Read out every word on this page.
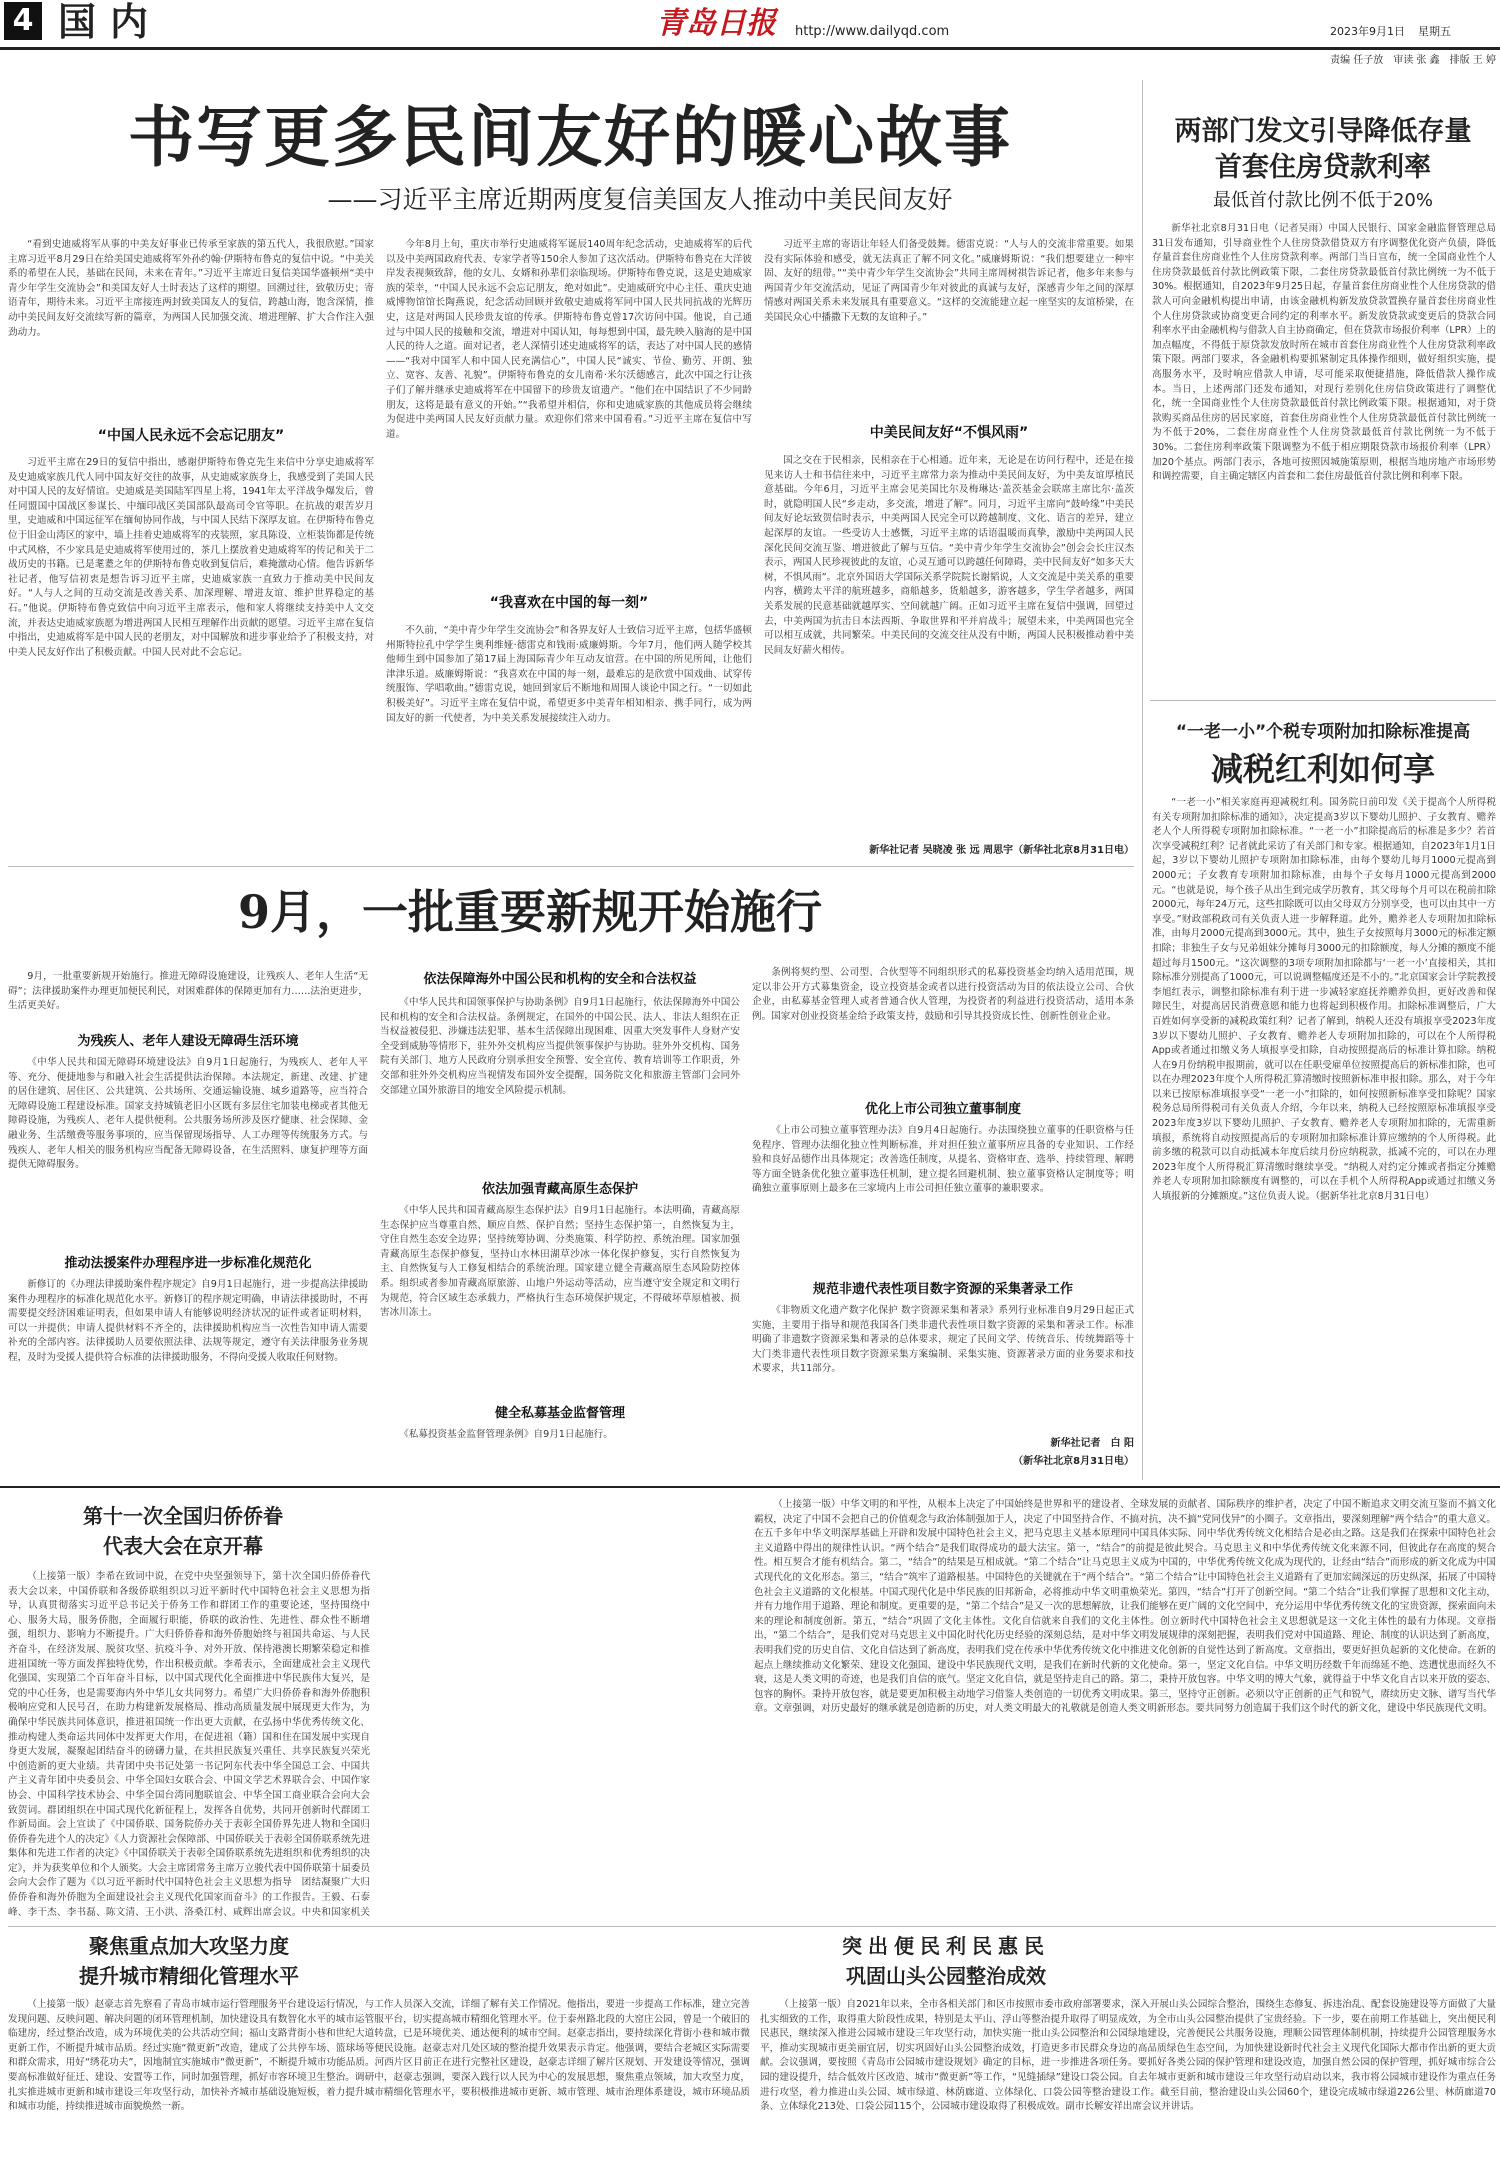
4 国内	青岛日报	http://www.dailyqd.com	2023年9月1日	星期五
责编 任子放　审读 张 鑫　排版 王 婷
书写更多民间友好的暖心故事
——习近平主席近期两度复信美国友人推动中美民间友好

“看到史迪威将军从事的中美友好事业已传承至家族的第五代人，我很欣慰。”国家主席习近平8月29日在给美国史迪威将军外孙约翰·伊斯特布鲁克的复信中说。“中美关系的希望在人民，基础在民间，未来在青年。”习近平主席近日复信美国华盛顿州“美中青少年学生交流协会”和美国友好人士时表达了这样的期望。回溯过往，致敬历史；寄语青年，期待未来。习近平主席接连两封致美国友人的复信，跨越山海，饱含深情，推动中美民间友好交流续写新的篇章，为两国人民加强交流、增进理解、扩大合作注入强劲动力。

“中国人民永远不会忘记朋友”

习近平主席在29日的复信中指出，感谢伊斯特布鲁克先生来信中分享史迪威将军及史迪威家族几代人同中国友好交往的故事，从史迪威家族身上，我感受到了美国人民对中国人民的友好情谊。史迪威是美国陆军四星上将，1941年太平洋战争爆发后，曾任同盟国中国战区参谋长、中缅印战区美国部队最高司令官等职。在抗战的艰苦岁月里，史迪威和中国远征军在缅甸协同作战，与中国人民结下深厚友谊。在伊斯特布鲁克位于旧金山湾区的家中，墙上挂着史迪威将军的戎装照，家具陈设、立柜装饰都是传统中式风格，不少家具是史迪威将军使用过的，茶几上摆放着史迪威将军的传记和关于二战历史的书籍。已是耄耋之年的伊斯特布鲁克收到复信后，难掩激动心情。他告诉新华社记者，他写信初衷是想告诉习近平主席，史迪威家族一直致力于推动美中民间友好。“人与人之间的互动交流是改善关系、加深理解、增进友谊、维护世界稳定的基石。”他说。伊斯特布鲁克致信中向习近平主席表示，他和家人将继续支持美中人文交流，并表达史迪威家族愿为增进两国人民相互理解作出贡献的愿望。习近平主席在复信中指出，史迪威将军是中国人民的老朋友，对中国解放和进步事业给予了积极支持，对中美人民友好作出了积极贡献。中国人民对此不会忘记。

今年8月上旬，重庆市举行史迪威将军诞辰140周年纪念活动，史迪威将军的后代以及中美两国政府代表、专家学者等150余人参加了这次活动。伊斯特布鲁克在大洋彼岸发表视频致辞，他的女儿、女婿和孙辈们亲临现场。伊斯特布鲁克说，这是史迪威家族的荣幸，“中国人民永远不会忘记朋友，绝对如此”。史迪威研究中心主任、重庆史迪威博物馆馆长陶燕说，纪念活动回顾并致敬史迪威将军同中国人民共同抗战的光辉历史，这是对两国人民珍贵友谊的传承。伊斯特布鲁克曾17次访问中国。他说，自己通过与中国人民的接触和交流，增进对中国认知，每每想到中国，最先映入脑海的是中国人民的待人之道。面对记者，老人深情引述史迪威将军的话，表达了对中国人民的感情——“我对中国军人和中国人民充满信心”，中国人民“诚实、节俭、勤劳、开朗、独立、宽容、友善、礼貌”。伊斯特布鲁克的女儿南希·米尔沃德感言，此次中国之行让孩子们了解并继承史迪威将军在中国留下的珍贵友谊遗产。“他们在中国结识了不少同龄朋友，这将是最有意义的开始。”“我希望并相信，你和史迪威家族的其他成员将会继续为促进中美两国人民友好贡献力量。欢迎你们常来中国看看。”习近平主席在复信中写道。

“我喜欢在中国的每一刻”

不久前，“美中青少年学生交流协会”和各界友好人士致信习近平主席，包括华盛顿州斯特拉孔中学学生奥利维娅·德雷克和钱雨·威廉姆斯。今年7月，他们两人随学校其他师生到中国参加了第17届上海国际青少年互动友谊营。在中国的所见所闻，让他们津津乐道。威廉姆斯说：“我喜欢在中国的每一刻，最难忘的是欣赏中国戏曲、试穿传统服饰、学唱歌曲。”德雷克说，她回到家后不断地和周围人谈论中国之行。“一切如此积极美好”。习近平主席在复信中说，希望更多中美青年相知相亲、携手同行，成为两国友好的新一代使者，为中美关系发展接续注入动力。

习近平主席的寄语让年轻人们备受鼓舞。德雷克说：“人与人的交流非常重要。如果没有实际体验和感受，就无法真正了解不同文化。”威廉姆斯说：“我们想要建立一种牢固、友好的纽带。”“美中青少年学生交流协会”共同主席周树祺告诉记者，他多年来参与两国青少年交流活动，见证了两国青少年对彼此的真诚与友好，深感青少年之间的深厚情感对两国关系未来发展具有重要意义。“这样的交流能建立起一座坚实的友谊桥梁，在美国民众心中播撒下无数的友谊种子。”

中美民间友好“不惧风雨”

国之交在于民相亲，民相亲在于心相通。近年来，无论是在访问行程中，还是在接见来访人士和书信往来中，习近平主席常力亲为推动中美民间友好，为中美友谊厚植民意基础。今年6月，习近平主席会见美国比尔及梅琳达·盖茨基金会联席主席比尔·盖茨时，就隐明国人民“乡走动，多交流，增进了解”。同月，习近平主席向“鼓岭缘”中美民间友好论坛致贺信时表示，中美两国人民完全可以跨越制度、文化、语言的差异，建立起深厚的友谊。一些受访人士感慨，习近平主席的话语温暖而真挚，激励中美两国人民深化民间交流互鉴、增进彼此了解与互信。“美中青少年学生交流协会”创会会长庄汉杰表示，两国人民珍视彼此的友谊，心灵互通可以跨越任何障碍，美中民间友好“如多天大树，不惧风雨”。北京外国语大学国际关系学院院长谢韬说，人文交流是中美关系的重要内容，横跨太平洋的航班越多，商船越多，货船越多，游客越多，学生学者越多，两国关系发展的民意基础就越厚实、空间就越广阔。正如习近平主席在复信中强调，回望过去，中美两国为抗击日本法西斯、争取世界和平并肩战斗；展望未来，中美两国也完全可以相互成就，共同繁荣。中美民间的交流交往从没有中断，两国人民积极推动着中美民间友好薪火相传。

新华社记者 吴晓凌 张 远 周思宇（新华社北京8月31日电）
两部门发文引导降低存量
首套住房贷款利率
最低首付款比例不低于20%

新华社北京8月31日电（记者吴雨）中国人民银行、国家金融监督管理总局31日发布通知，引导商业性个人住房贷款借贷双方有序调整优化资产负债，降低存量首套住房商业性个人住房贷款利率。两部门当日宣布，统一全国商业性个人住房贷款最低首付款比例政策下限，二套住房贷款最低首付款比例统一为不低于30%。根据通知，自2023年9月25日起，存量首套住房商业性个人住房贷款的借款人可向金融机构提出申请，由该金融机构新发放贷款置换存量首套住房商业性个人住房贷款或协商变更合同约定的利率水平。新发放贷款或变更后的贷款合同利率水平由金融机构与借款人自主协商确定，但在贷款市场报价利率（LPR）上的加点幅度，不得低于原贷款发放时所在城市首套住房商业性个人住房贷款利率政策下限。两部门要求，各金融机构要抓紧制定具体操作细则，做好组织实施，提高服务水平，及时响应借款人申请，尽可能采取便捷措施，降低借款人操作成本。当日，上述两部门还发布通知，对现行差别化住房信贷政策进行了调整优化，统一全国商业性个人住房贷款最低首付款比例政策下限。根据通知，对于贷款购买商品住房的居民家庭，首套住房商业性个人住房贷款最低首付款比例统一为不低于20%，二套住房商业性个人住房贷款最低首付款比例统一为不低于30%。二套住房利率政策下限调整为不低于相应期限贷款市场报价利率（LPR）加20个基点。两部门表示，各地可按照因城施策原则，根据当地房地产市场形势和调控需要，自主确定辖区内首套和二套住房最低首付款比例和利率下限。

“一老一小”个税专项附加扣除标准提高
减税红利如何享

“一老一小”相关家庭再迎减税红利。国务院日前印发《关于提高个人所得税有关专项附加扣除标准的通知》，决定提高3岁以下婴幼儿照护、子女教育、赡养老人个人所得税专项附加扣除标准。“一老一小”扣除提高后的标准是多少？若首次享受减税红利？记者就此采访了有关部门和专家。根据通知，自2023年1月1日起，3岁以下婴幼儿照护专项附加扣除标准，由每个婴幼儿每月1000元提高到2000元；子女教育专项附加扣除标准，由每个子女每月1000元提高到2000元。“也就是说，每个孩子从出生到完成学历教育，其父母每个月可以在税前扣除2000元，每年24万元，这些扣除既可以由父母双方分别享受，也可以由其中一方享受。”财政部税政司有关负责人进一步解释道。此外，赡养老人专项附加扣除标准，由每月2000元提高到3000元。其中，独生子女按照每月3000元的标准定额扣除；非独生子女与兄弟姐妹分摊每月3000元的扣除额度，每人分摊的额度不能超过每月1500元。“这次调整的3项专项附加扣除都与‘一老一小’直接相关，其扣除标准分别提高了1000元，可以说调整幅度还是不小的。”北京国家会计学院教授李旭红表示，调整扣除标准有利于进一步减轻家庭抚养赡养负担，更好改善和保障民生，对提高居民消费意愿和能力也将起到积极作用。扣除标准调整后，广大百姓如何享受新的减税政策红利？记者了解到，纳税人还没有填报享受2023年度3岁以下婴幼儿照护、子女教育、赡养老人专项附加扣除的，可以在个人所得税App或者通过扣缴义务人填报享受扣除，自动按照提高后的标准计算扣除。纳税人在9月份纳税申报期前，就可以在任职受雇单位按照提高后的新标准扣除，也可以在办理2023年度个人所得税汇算清缴时按照新标准申报扣除。那么，对于今年以来已按原标准填报享受“一老一小”扣除的，如何按照新标准享受扣除呢？国家税务总局所得税司有关负责人介绍，今年以来，纳税人已经按照原标准填报享受2023年度3岁以下婴幼儿照护、子女教育、赡养老人专项附加扣除的，无需重新填报，系统将自动按照提高后的专项附加扣除标准计算应缴纳的个人所得税。此前多缴的税款可以自动抵减本年度后续月份应纳税款，抵减不完的，可以在办理2023年度个人所得税汇算清缴时继续享受。“纳税人对约定分摊或者指定分摊赡养老人专项附加扣除额度有调整的，可以在手机个人所得税App或通过扣缴义务人填报新的分摊额度。”这位负责人说。（据新华社北京8月31日电）

9月，一批重要新规开始施行

9月，一批重要新规开始施行。推进无障碍设施建设，让残疾人、老年人生活“无碍”；法律援助案件办理更加便民利民，对困难群体的保障更加有力……法治更进步，生活更美好。

为残疾人、老年人建设无障碍生活环境

《中华人民共和国无障碍环境建设法》自9月1日起施行，为残疾人、老年人平等、充分、便捷地参与和融入社会生活提供法治保障。本法规定，新建、改建、扩建的居住建筑、居住区、公共建筑、公共场所、交通运输设施、城乡道路等，应当符合无障碍设施工程建设标准。国家支持城镇老旧小区既有多层住宅加装电梯或者其他无障碍设施，为残疾人、老年人提供便利。公共服务场所涉及医疗健康、社会保障、金融业务、生活缴费等服务事项的，应当保留现场指导、人工办理等传统服务方式。与残疾人、老年人相关的服务机构应当配备无障碍设备，在生活照料、康复护理等方面提供无障碍服务。

推动法援案件办理程序进一步标准化规范化

新修订的《办理法律援助案件程序规定》自9月1日起施行，进一步提高法律援助案件办理程序的标准化规范化水平。新修订的程序规定明确，申请法律援助时，不再需要提交经济困难证明表，但如果申请人有能够说明经济状况的证件或者证明材料，可以一并提供；申请人提供材料不齐全的，法律援助机构应当一次性告知申请人需要补充的全部内容。法律援助人员要依照法律、法规等规定，遵守有关法律服务业务规程，及时为受援人提供符合标准的法律援助服务，不得向受援人收取任何财物。

依法保障海外中国公民和机构的安全和合法权益

《中华人民共和国领事保护与协助条例》自9月1日起施行，依法保障海外中国公民和机构的安全和合法权益。条例规定，在国外的中国公民、法人、非法人组织在正当权益被侵犯、涉嫌违法犯罪、基本生活保障出现困难、因重大突发事件人身财产安全受到威胁等情形下，驻外外交机构应当提供领事保护与协助。驻外外交机构、国务院有关部门、地方人民政府分别承担安全预警、安全宣传、教育培训等工作职责，外交部和驻外外交机构应当视情发布国外安全提醒，国务院文化和旅游主管部门会同外交部建立国外旅游目的地安全风险提示机制。

依法加强青藏高原生态保护

《中华人民共和国青藏高原生态保护法》自9月1日起施行。本法明确，青藏高原生态保护应当尊重自然、顺应自然、保护自然；坚持生态保护第一，自然恢复为主，守住自然生态安全边界；坚持统筹协调、分类施策、科学防控、系统治理。国家加强青藏高原生态保护修复，坚持山水林田湖草沙冰一体化保护修复，实行自然恢复为主、自然恢复与人工修复相结合的系统治理。国家建立健全青藏高原生态风险防控体系。组织或者参加青藏高原旅游、山地户外运动等活动，应当遵守安全规定和文明行为规范，符合区域生态承载力，严格执行生态环境保护规定，不得破坏草原植被、损害冰川冻土。

健全私募基金监督管理

《私募投资基金监督管理条例》自9月1日起施行。

条例将契约型、公司型、合伙型等不同组织形式的私募投资基金均纳入适用范围，规定以非公开方式募集资金，设立投资基金或者以进行投资活动为目的依法设立公司、合伙企业，由私募基金管理人或者普通合伙人管理，为投资者的利益进行投资活动，适用本条例。国家对创业投资基金给予政策支持，鼓励和引导其投资成长性、创新性创业企业。

优化上市公司独立董事制度

《上市公司独立董事管理办法》自9月4日起施行。办法围绕独立董事的任职资格与任免程序、管理办法细化独立性判断标准，并对担任独立董事所应具备的专业知识、工作经验和良好品德作出具体规定；改善选任制度，从提名、资格审查、选举、持续管理、解聘等方面全链条优化独立董事选任机制，建立提名回避机制、独立董事资格认定制度等；明确独立董事原则上最多在三家境内上市公司担任独立董事的兼职要求。

规范非遗代表性项目数字资源的采集著录工作

《非物质文化遗产数字化保护 数字资源采集和著录》系列行业标准自9月29日起正式实施，主要用于指导和规范我国各门类非遗代表性项目数字资源的采集和著录工作。标准明确了非遗数字资源采集和著录的总体要求，规定了民间文学、传统音乐、传统舞蹈等十大门类非遗代表性项目数字资源采集方案编制、采集实施、资源著录方面的业务要求和技术要求，共11部分。

新华社记者　白 阳
（新华社北京8月31日电）
第十一次全国归侨侨眷
代表大会在京开幕

（上接第一版）李希在致词中说，在党中央坚强领导下，第十次全国归侨侨眷代表大会以来，中国侨联和各级侨联组织以习近平新时代中国特色社会主义思想为指导，认真贯彻落实习近平总书记关于侨务工作和群团工作的重要论述，坚持围绕中心、服务大局，服务侨胞，全面履行职能，侨联的政治性、先进性、群众性不断增强，组织力、影响力不断提升。广大归侨侨眷和海外侨胞始终与祖国共命运、与人民齐奋斗，在经济发展、脱贫攻坚、抗疫斗争、对外开放、保持港澳长期繁荣稳定和推进祖国统一等方面发挥独特优势，作出积极贡献。李希表示，全面建成社会主义现代化强国、实现第二个百年奋斗目标，以中国式现代化全面推进中华民族伟大复兴，是党的中心任务，也是需要海内外中华儿女共同努力。希望广大归侨侨眷和海外侨胞积极响应党和人民号召，在助力构建新发展格局、推动高质量发展中展现更大作为，为确保中华民族共同体意识，推进祖国统一作出更大贡献，在弘扬中华优秀传统文化、推动构建人类命运共同体中发挥更大作用，在促进祖（籍）国和住在国发展中实现自身更大发展，凝聚起团结奋斗的磅礴力量，在共担民族复兴重任、共享民族复兴荣光中创造新的更大业绩。共青团中央书记处第一书记阿东代表中华全国总工会、中国共产主义青年团中央委员会、中华全国妇女联合会、中国文学艺术界联合会、中国作家协会、中国科学技术协会、中华全国台湾同胞联谊会、中华全国工商业联合会向大会致贺词。群团组织在中国式现代化新征程上，发挥各自优势，共同开创新时代群团工作新局面。会上宣读了《中国侨联、国务院侨办关于表彰全国侨界先进人物和全国归侨侨眷先进个人的决定》《人力资源社会保障部、中国侨联关于表彰全国侨联系统先进集体和先进工作者的决定》《中国侨联关于表彰全国侨联系统先进组织和优秀组织的决定》，并为获奖单位和个人颁奖。大会主席团常务主席万立骏代表中国侨联第十届委员会向大会作了题为《以习近平新时代中国特色社会主义思想为指导　团结凝聚广大归侨侨眷和海外侨胞为全面建设社会主义现代化国家而奋斗》的工作报告。王毅、石泰峰、李干杰、李书磊、陈文清、王小洪、洛桑江村、咸辉出席会议。中央和国家机关

（上接第一版）中华文明的和平性，从根本上决定了中国始终是世界和平的建设者、全球发展的贡献者、国际秩序的维护者，决定了中国不断追求文明交流互鉴而不搞文化霸权，决定了中国不会把自己的价值观念与政治体制强加于人，决定了中国坚持合作、不搞对抗，决不搞“党同伐异”的小圈子。文章指出，要深刻理解“两个结合”的重大意义。在五千多年中华文明深厚基础上开辟和发展中国特色社会主义，把马克思主义基本原理同中国具体实际、同中华优秀传统文化相结合是必由之路。这是我们在探索中国特色社会主义道路中得出的规律性认识。“两个结合”是我们取得成功的最大法宝。第一，“结合”的前提是彼此契合。马克思主义和中华优秀传统文化来源不同，但彼此存在高度的契合性。相互契合才能有机结合。第二，“结合”的结果是互相成就。“第二个结合”让马克思主义成为中国的，中华优秀传统文化成为现代的，让经由“结合”而形成的新文化成为中国式现代化的文化形态。第三，“结合”筑牢了道路根基。中国特色的关键就在于“两个结合”。“第二个结合”让中国特色社会主义道路有了更加宏阔深远的历史纵深，拓展了中国特色社会主义道路的文化根基。中国式现代化是中华民族的旧邦新命，必将推动中华文明重焕荣光。第四，“结合”打开了创新空间。“第二个结合”让我们掌握了思想和文化主动，并有力地作用于道路、理论和制度。更重要的是，“第二个结合”是又一次的思想解放，让我们能够在更广阔的文化空间中，充分运用中华优秀传统文化的宝贵资源，探索面向未来的理论和制度创新。第五，“结合”巩固了文化主体性。文化自信就来自我们的文化主体性。创立新时代中国特色社会主义思想就是这一文化主体性的最有力体现。文章指出，“第二个结合”，是我们党对马克思主义中国化时代化历史经验的深刻总结，是对中华文明发展规律的深刻把握，表明我们党对中国道路、理论、制度的认识达到了新高度，表明我们党的历史自信、文化自信达到了新高度，表明我们党在传承中华优秀传统文化中推进文化创新的自觉性达到了新高度。文章指出，要更好担负起新的文化使命。在新的起点上继续推动文化繁荣、建设文化强国、建设中华民族现代文明，是我们在新时代新的文化使命。第一，坚定文化自信。中华文明历经数千年而绵延不绝、迭遭忧患而经久不衰，这是人类文明的奇迹，也是我们自信的底气。坚定文化自信，就是坚持走自己的路。第二，秉持开放包容。中华文明的博大气象，就得益于中华文化自古以来开放的姿态、包容的胸怀。秉持开放包容，就是要更加积极主动地学习借鉴人类创造的一切优秀文明成果。第三，坚持守正创新。必须以守正创新的正气和锐气，赓续历史文脉、谱写当代华章。文章强调，对历史最好的继承就是创造新的历史，对人类文明最大的礼敬就是创造人类文明新形态。要共同努力创造属于我们这个时代的新文化，建设中华民族现代文明。

聚焦重点加大攻坚力度
提升城市精细化管理水平

（上接第一版）赵豪志首先察看了青岛市城市运行管理服务平台建设运行情况，与工作人员深入交流，详细了解有关工作情况。他指出，要进一步提高工作标准，建立完善发现问题、反映问题、解决问题的闭环管理机制，加快建设具有数智化水平的城市运管服平台，切实提高城市精细化管理水平。位于泰州路北段的大窑庄公园，曾是一个破旧的临建房，经过整治改造，成为环境优美的公共活动空间；福山支路背街小巷和世纪大道转盘，已是环境优美、通达便利的城市空间。赵豪志指出，要持续深化背街小巷和城市微更新工作，不断提升城市品质。经过实施“微更新”改造，建成了公共停车场、篮球场等便民设施。赵豪志对几处区域的整治提升效果表示肯定。他强调，要结合老城区实际需要和群众需求，用好“绣花功夫”，因地制宜实施城市“微更新”，不断提升城市功能品质。河西片区目前正在进行完整社区建设，赵豪志详细了解片区规划、开发建设等情况，强调要高标准做好征迁、建设、安置等工作，同时加强管理，抓好市容环境卫生整治。调研中，赵豪志强调，要深入践行以人民为中心的发展思想，聚焦重点领域，加大攻坚力度，扎实推进城市更新和城市建设三年攻坚行动，加快补齐城市基础设施短板，着力提升城市精细化管理水平，要积极推进城市更新、城市管理、城市治理体系建设，城市环境品质和城市功能，持续推进城市面貌焕然一新。

突出便民利民惠民
巩固山头公园整治成效

（上接第一版）自2021年以来，全市各相关部门和区市按照市委市政府部署要求，深入开展山头公园综合整治，围绕生态修复、拆违治乱、配套设施建设等方面做了大量扎实细致的工作，取得重大阶段性成果，特别是太平山、浮山等整治提升取得了明显成效，为全市山头公园整治提供了宝贵经验。下一步，要在前期工作基础上，突出便民利民惠民，继续深入推进公园城市建设三年攻坚行动，加快实施一批山头公园整治和公园绿地建设，完善便民公共服务设施，理顺公园管理体制机制，持续提升公园管理服务水平，推动实现城市更美丽宜居，切实巩固好山头公园整治成效，打造更多市民群众身边的高品质绿色生态空间，为加快建设新时代社会主义现代化国际大都市作出新的更大贡献。会议强调，要按照《青岛市公园城市建设规划》确定的目标，进一步推进各项任务。要抓好各类公园的保护管理和建设改造，加强自然公园的保护管理，抓好城市综合公园的建设提升，结合低效片区改造、城市“微更新”等工作，“见缝插绿”建设口袋公园。自去年城市更新和城市建设三年攻坚行动启动以来，我市将公园城市建设作为重点任务进行攻坚，着力推进山头公园、城市绿道、林荫廊道、立体绿化、口袋公园等整治建设工作。截至目前，整治建设山头公园60个，建设完成城市绿道226公里、林荫廊道70条、立体绿化213处、口袋公园115个，公园城市建设取得了积极成效。副市长解安祥出席会议并讲话。
